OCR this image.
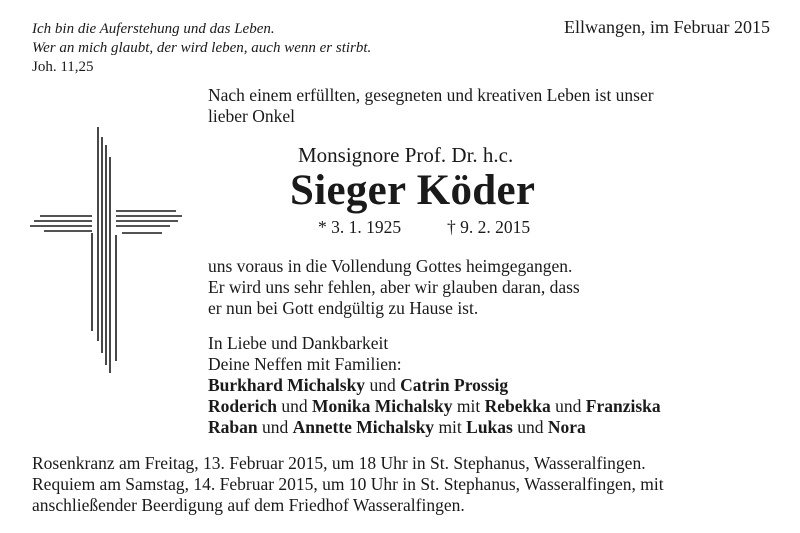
Ich bin die Auferstehung und das Leben.
Wer an mich glaubt, der wird leben, auch wenn er stirbt.
Joh. 11,25
Ellwangen, im Februar 2015
Nach einem erfüllten, gesegneten und kreativen Leben ist unser
lieber Onkel
Monsignore Prof. Dr. h.c.
Sieger Köder
* 3. 1. 1925	† 9. 2. 2015
uns voraus in die Vollendung Gottes heimgegangen.
Er wird uns sehr fehlen, aber wir glauben daran, dass
er nun bei Gott endgültig zu Hause ist.
In Liebe und Dankbarkeit
Deine Neffen mit Familien:
Burkhard Michalsky und Catrin Prossig
Roderich und Monika Michalsky mit Rebekka und Franziska
Raban und Annette Michalsky mit Lukas und Nora
Rosenkranz am Freitag, 13. Februar 2015, um 18 Uhr in St. Stephanus, Wasseralfingen.
Requiem am Samstag, 14. Februar 2015, um 10 Uhr in St. Stephanus, Wasseralfingen, mit
anschließender Beerdigung auf dem Friedhof Wasseralfingen.
